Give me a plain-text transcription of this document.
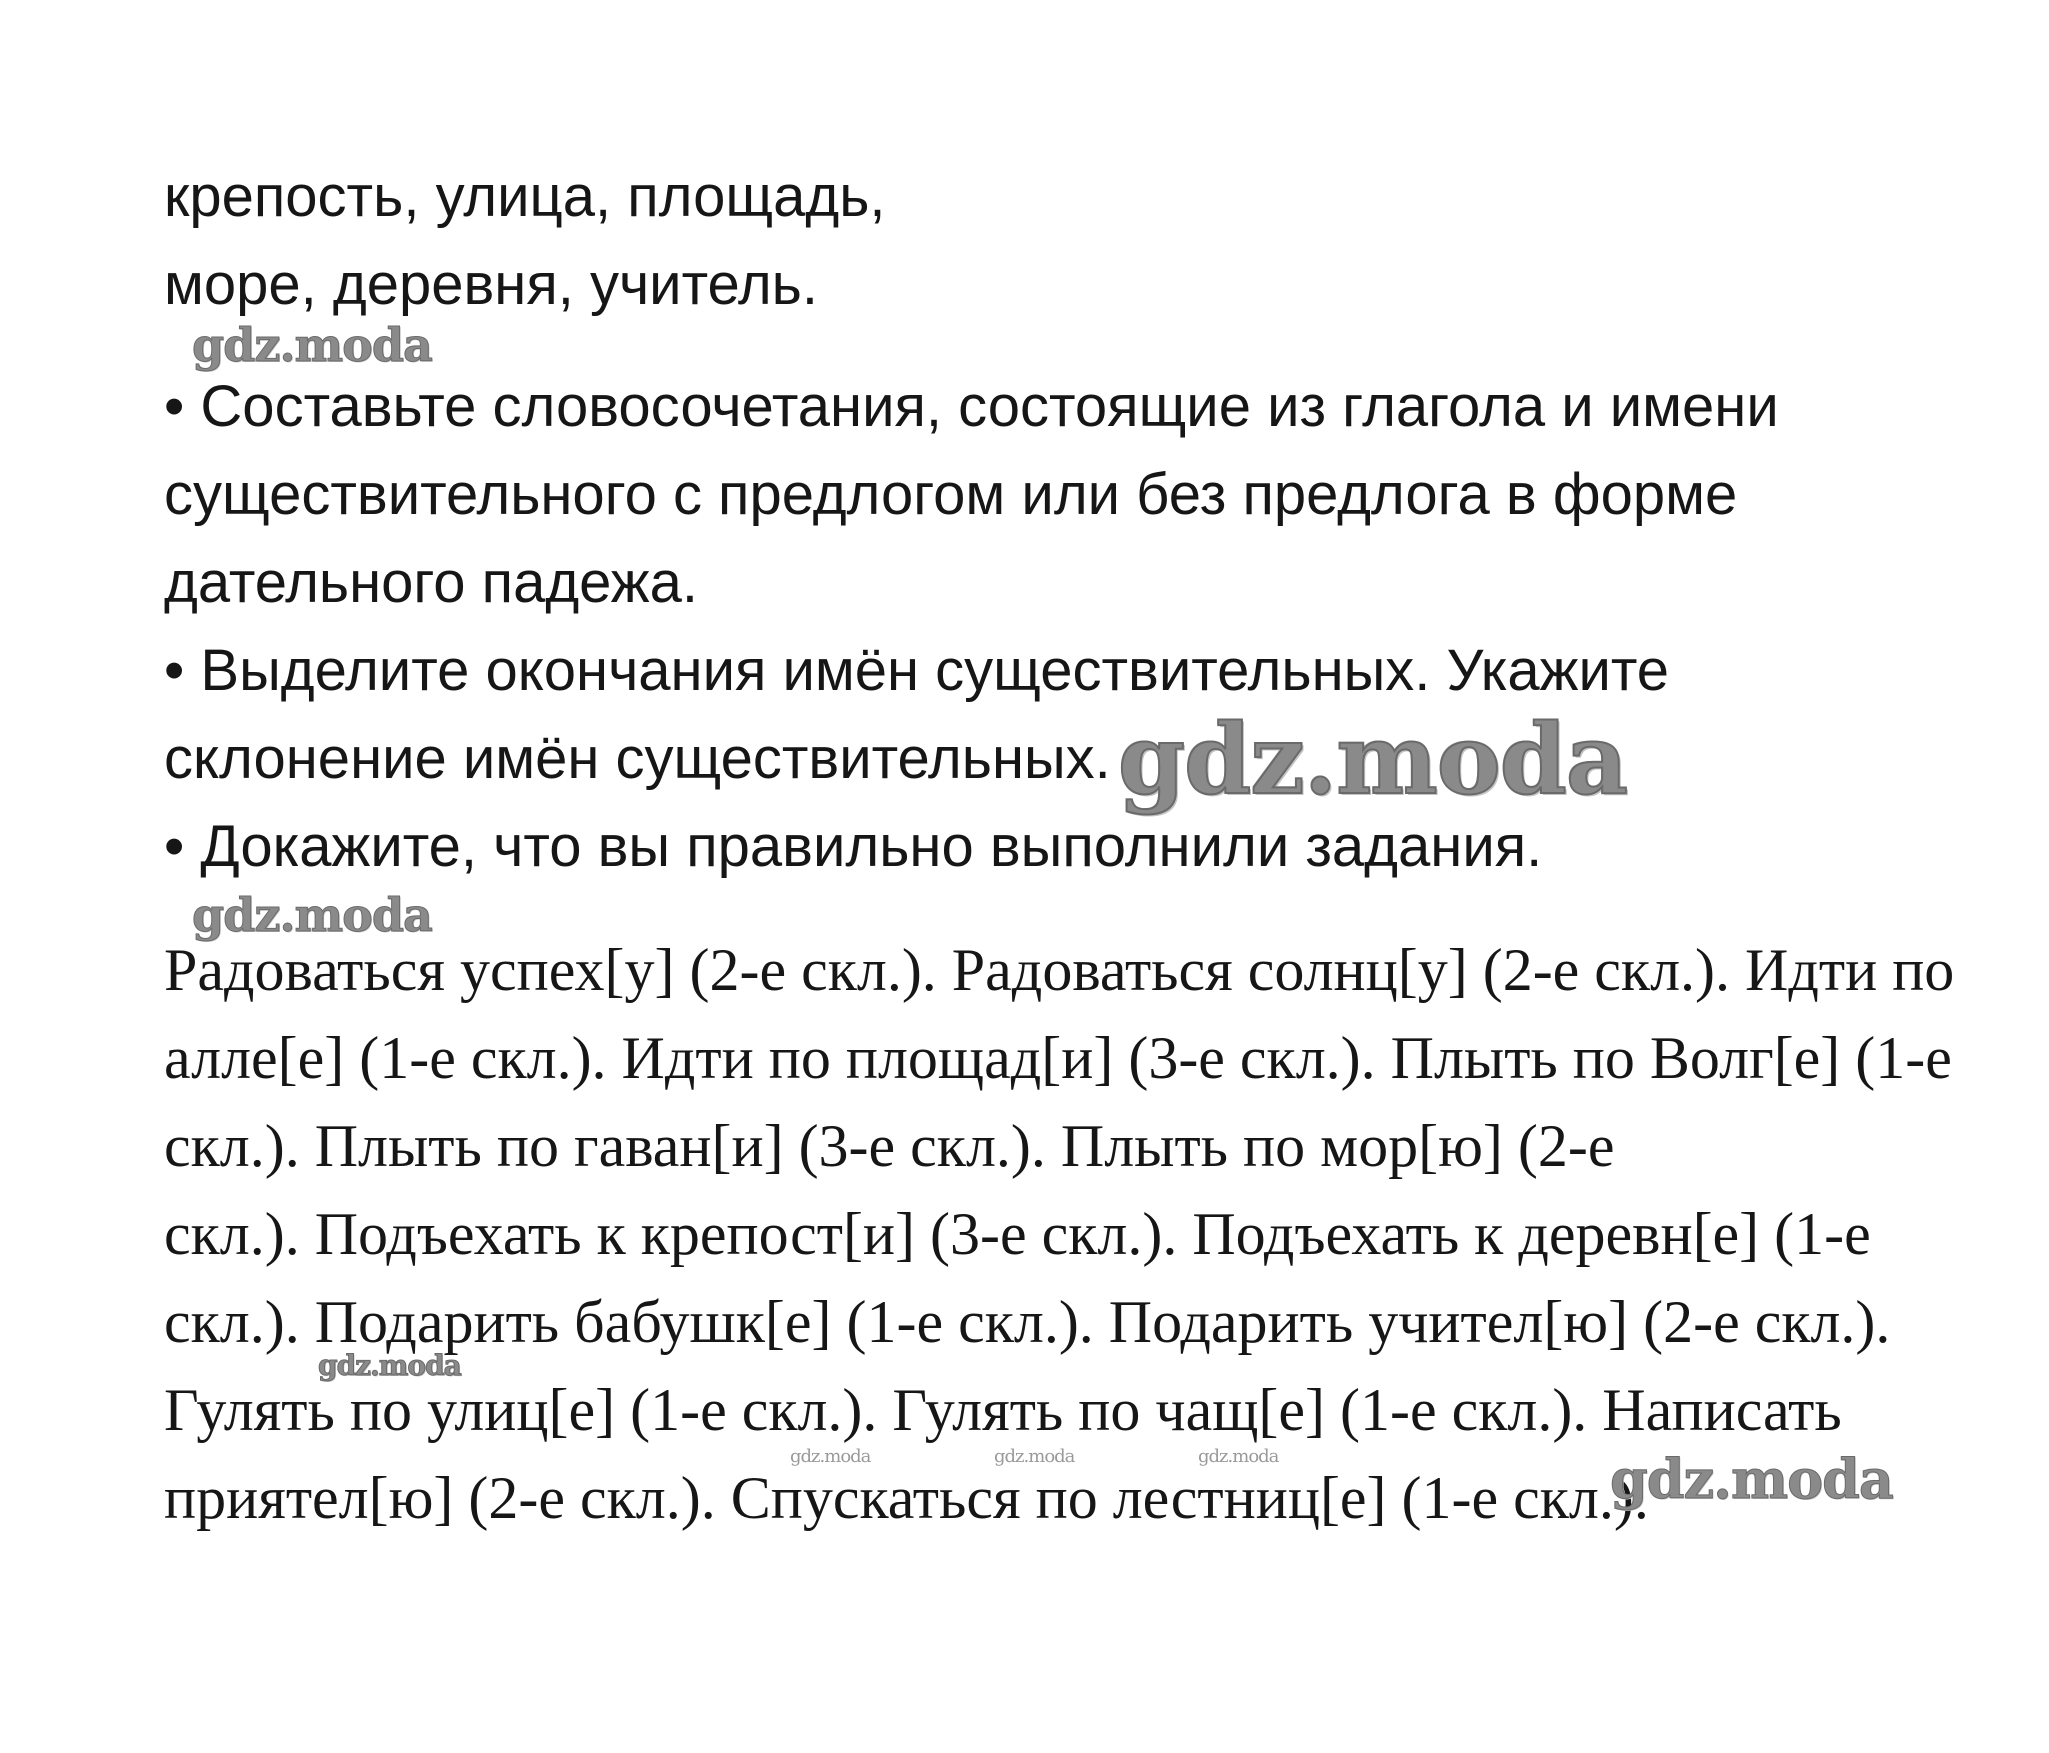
крепость, улица, площадь,
море, деревня, учитель.
• Составьте словосочетания, состоящие из глагола и имени
существительного с предлогом или без предлога в форме
дательного падежа.
• Выделите окончания имён существительных. Укажите
склонение имён существительных.
• Докажите, что вы правильно выполнили задания.
Радоваться успех[у] (2-е скл.). Радоваться солнц[у] (2-е скл.). Идти по
алле[е] (1-е скл.). Идти по площад[и] (3-е скл.). Плыть по Волг[е] (1-е
скл.). Плыть по гаван[и] (3-е скл.). Плыть по мор[ю] (2-е
скл.). Подъехать к крепост[и] (3-е скл.). Подъехать к деревн[е] (1-е
скл.). Подарить бабушк[е] (1-е скл.). Подарить учител[ю] (2-е скл.).
Гулять по улиц[е] (1-е скл.). Гулять по чащ[е] (1-е скл.). Написать
приятел[ю] (2-е скл.). Спускаться по лестниц[е] (1-е скл.).
gdz.moda
gdz.moda
gdz.moda
gdz.moda
gdz.moda	gdz.moda	gdz.moda	gdz.moda
